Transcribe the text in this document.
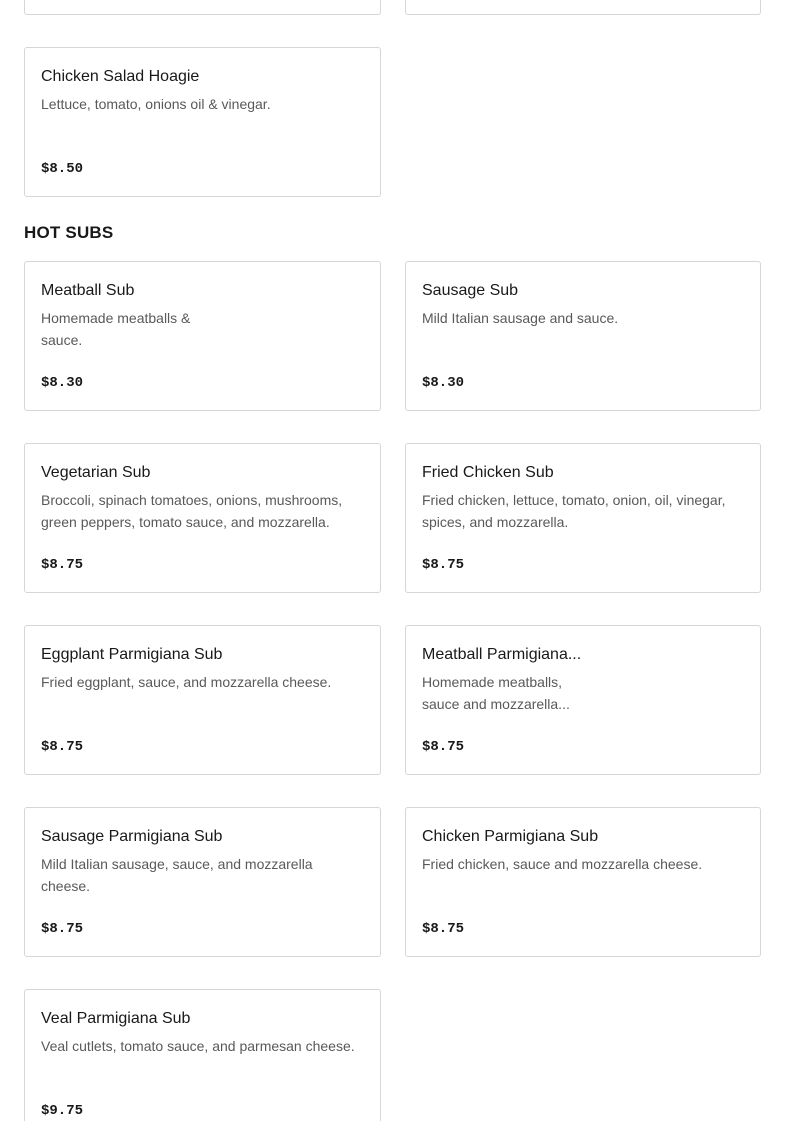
Chicken Salad Hoagie
Lettuce, tomato, onions oil & vinegar.
$8.50
HOT SUBS
Meatball Sub
Homemade meatballs & sauce.
$8.30
Sausage Sub
Mild Italian sausage and sauce.
$8.30
Vegetarian Sub
Broccoli, spinach tomatoes, onions, mushrooms, green peppers, tomato sauce, and mozzarella.
$8.75
Fried Chicken Sub
Fried chicken, lettuce, tomato, onion, oil, vinegar, spices, and mozzarella.
$8.75
Eggplant Parmigiana Sub
Fried eggplant, sauce, and mozzarella cheese.
$8.75
Meatball Parmigiana...
Homemade meatballs, sauce and mozzarella...
$8.75
Sausage Parmigiana Sub
Mild Italian sausage, sauce, and mozzarella cheese.
$8.75
Chicken Parmigiana Sub
Fried chicken, sauce and mozzarella cheese.
$8.75
Veal Parmigiana Sub
Veal cutlets, tomato sauce, and parmesan cheese.
$9.75
